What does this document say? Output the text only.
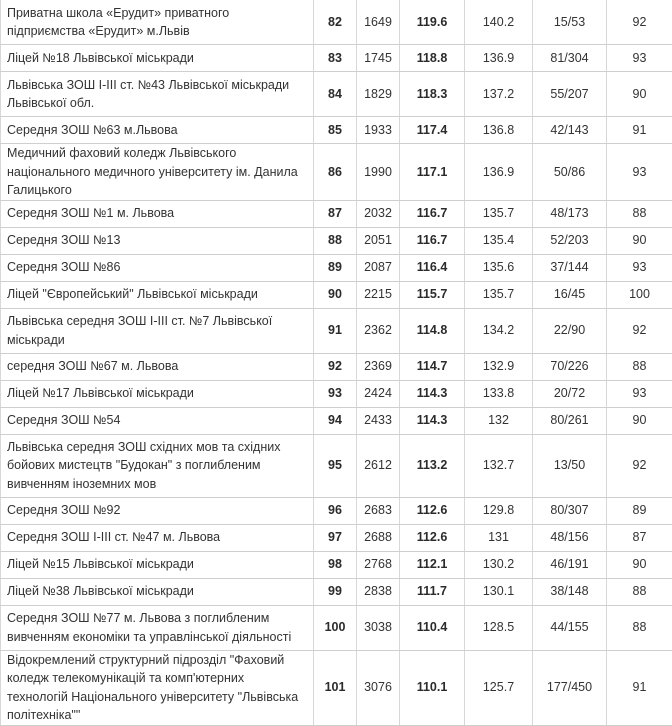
Приватна школа «Ерудит» приватного підприємства «Ерудит» м.Львів	82	1649	119.6	140.2	15/53	92
Ліцей №18 Львівської міськради	83	1745	118.8	136.9	81/304	93
Львівська ЗОШ І-ІІІ ст. №43 Львівської міськради Львівської обл.	84	1829	118.3	137.2	55/207	90
Середня ЗОШ №63 м.Львова	85	1933	117.4	136.8	42/143	91
Медичний фаховий коледж Львівського національного медичного університету ім. Данила Галицького	86	1990	117.1	136.9	50/86	93
Середня ЗОШ №1 м. Львова	87	2032	116.7	135.7	48/173	88
Середня ЗОШ №13	88	2051	116.7	135.4	52/203	90
Середня ЗОШ №86	89	2087	116.4	135.6	37/144	93
Ліцей "Європейський" Львівської міськради	90	2215	115.7	135.7	16/45	100
Львівська середня ЗОШ І-ІІІ ст. №7 Львівської міськради	91	2362	114.8	134.2	22/90	92
середня ЗОШ №67 м. Львова	92	2369	114.7	132.9	70/226	88
Ліцей №17 Львівської міськради	93	2424	114.3	133.8	20/72	93
Середня ЗОШ №54	94	2433	114.3	132	80/261	90
Львівська середня ЗОШ східних мов та східних бойових мистецтв "Будокан" з поглибленим вивченням іноземних мов	95	2612	113.2	132.7	13/50	92
Середня ЗОШ №92	96	2683	112.6	129.8	80/307	89
Середня ЗОШ І-ІІІ ст. №47 м. Львова	97	2688	112.6	131	48/156	87
Ліцей №15 Львівської міськради	98	2768	112.1	130.2	46/191	90
Ліцей №38 Львівської міськради	99	2838	111.7	130.1	38/148	88
Середня ЗОШ №77 м. Львова з поглибленим вивченням економіки та управлінської діяльності	100	3038	110.4	128.5	44/155	88
Відокремлений структурний підрозділ "Фаховий коледж телекомунікацій та комп'ютерних технологій Національного університету "Львівська політехніка""	101	3076	110.1	125.7	177/450	91
